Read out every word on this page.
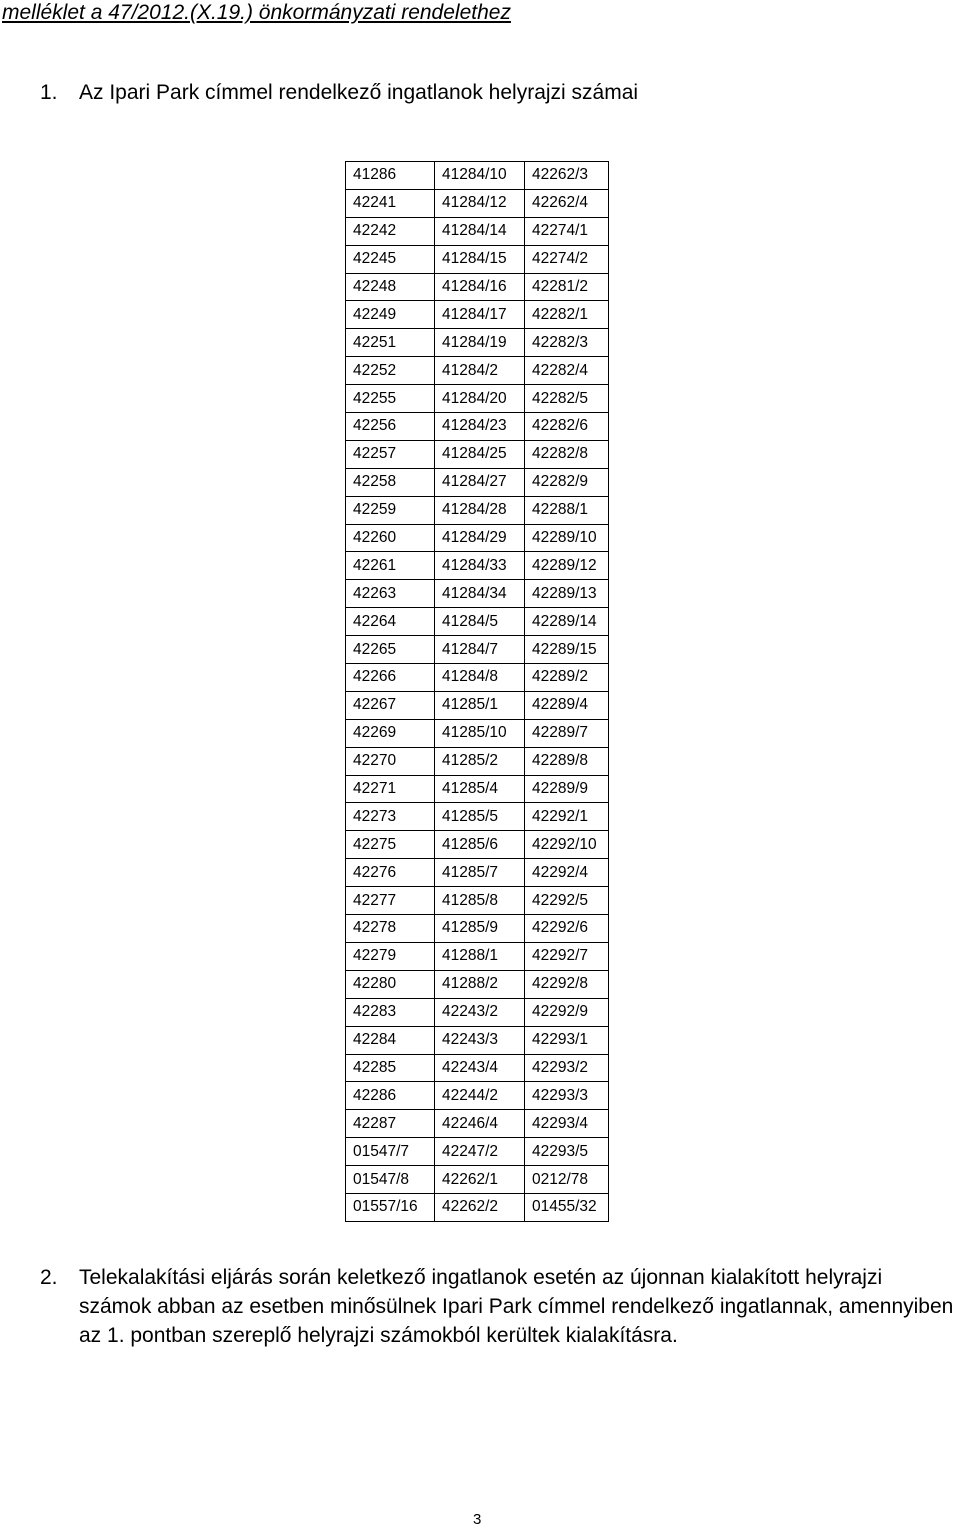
melléklet a 47/2012.(X.19.) önkormányzati rendelethez
1. Az Ipari Park címmel rendelkező ingatlanok helyrajzi számai
41286	41284/10	42262/3
42241	41284/12	42262/4
42242	41284/14	42274/1
42245	41284/15	42274/2
42248	41284/16	42281/2
42249	41284/17	42282/1
42251	41284/19	42282/3
42252	41284/2	42282/4
42255	41284/20	42282/5
42256	41284/23	42282/6
42257	41284/25	42282/8
42258	41284/27	42282/9
42259	41284/28	42288/1
42260	41284/29	42289/10
42261	41284/33	42289/12
42263	41284/34	42289/13
42264	41284/5	42289/14
42265	41284/7	42289/15
42266	41284/8	42289/2
42267	41285/1	42289/4
42269	41285/10	42289/7
42270	41285/2	42289/8
42271	41285/4	42289/9
42273	41285/5	42292/1
42275	41285/6	42292/10
42276	41285/7	42292/4
42277	41285/8	42292/5
42278	41285/9	42292/6
42279	41288/1	42292/7
42280	41288/2	42292/8
42283	42243/2	42292/9
42284	42243/3	42293/1
42285	42243/4	42293/2
42286	42244/2	42293/3
42287	42246/4	42293/4
01547/7	42247/2	42293/5
01547/8	42262/1	0212/78
01557/16	42262/2	01455/32
2. Telekalakítási eljárás során keletkező ingatlanok esetén az újonnan kialakított helyrajzi számok abban az esetben minősülnek Ipari Park címmel rendelkező ingatlannak, amennyiben az 1. pontban szereplő helyrajzi számokból kerültek kialakításra.
3
